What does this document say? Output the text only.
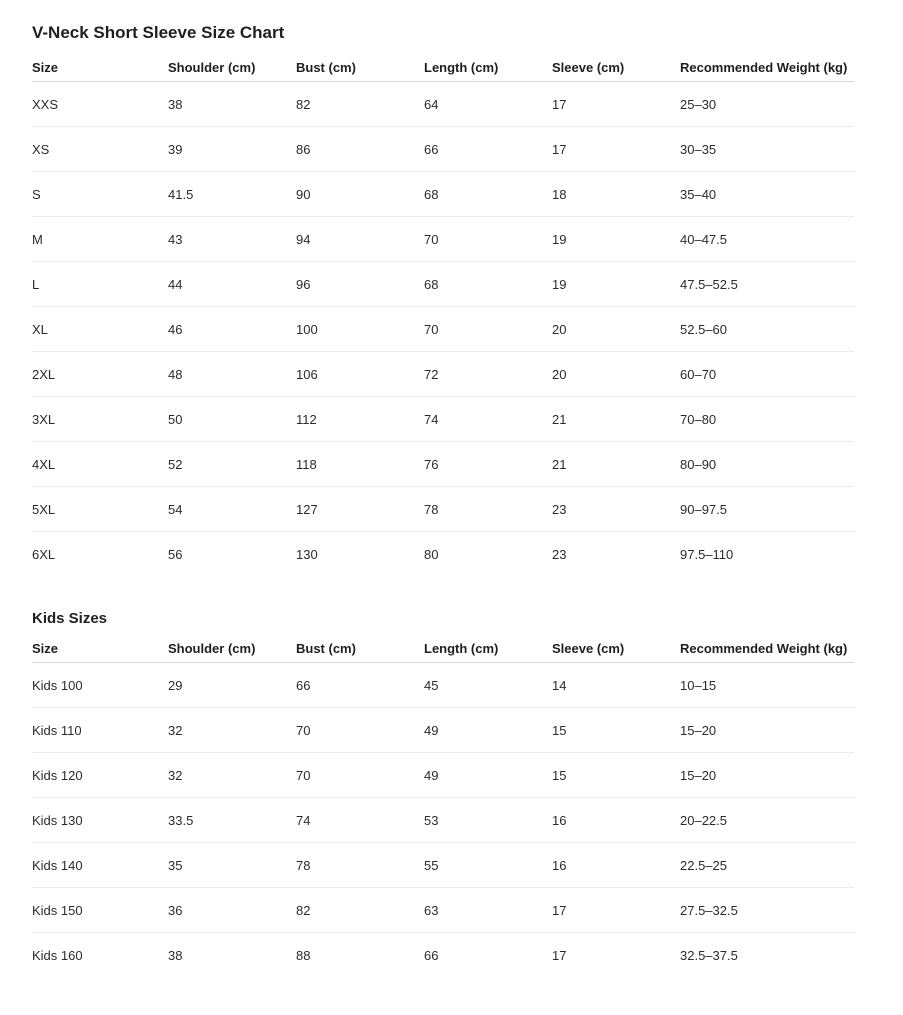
V-Neck Short Sleeve Size Chart
Size	Shoulder (cm)	Bust (cm)	Length (cm)	Sleeve (cm)	Recommended Weight (kg)
XXS	38	82	64	17	25–30
XS	39	86	66	17	30–35
S	41.5	90	68	18	35–40
M	43	94	70	19	40–47.5
L	44	96	68	19	47.5–52.5
XL	46	100	70	20	52.5–60
2XL	48	106	72	20	60–70
3XL	50	112	74	21	70–80
4XL	52	118	76	21	80–90
5XL	54	127	78	23	90–97.5
6XL	56	130	80	23	97.5–110
Kids Sizes
Size	Shoulder (cm)	Bust (cm)	Length (cm)	Sleeve (cm)	Recommended Weight (kg)
Kids 100	29	66	45	14	10–15
Kids 110	32	70	49	15	15–20
Kids 120	32	70	49	15	15–20
Kids 130	33.5	74	53	16	20–22.5
Kids 140	35	78	55	16	22.5–25
Kids 150	36	82	63	17	27.5–32.5
Kids 160	38	88	66	17	32.5–37.5
